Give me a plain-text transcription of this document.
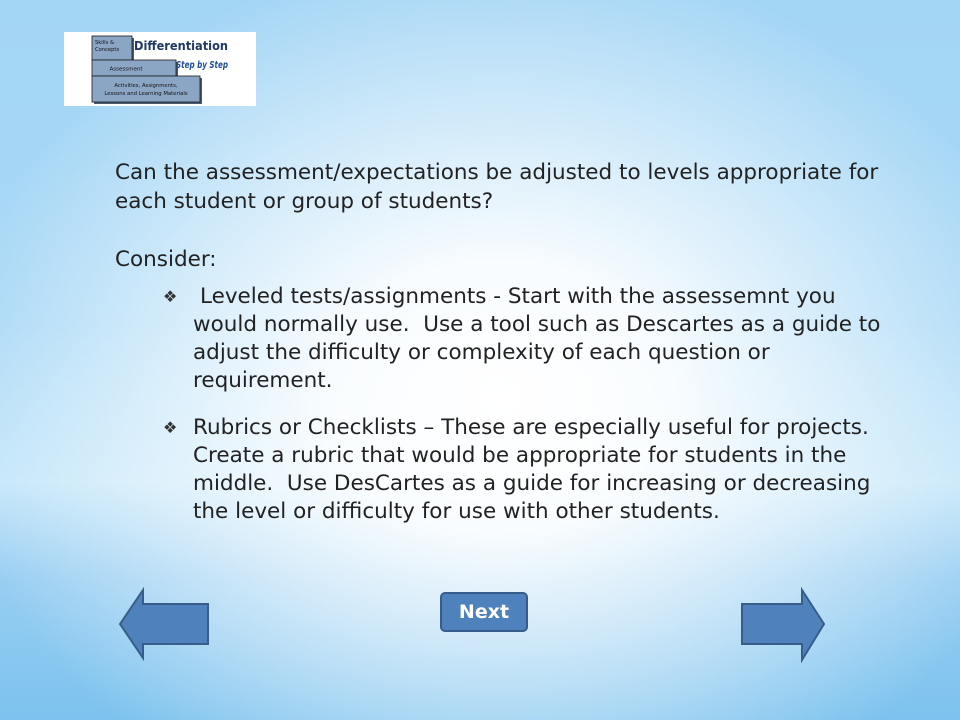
Skills &
Concepts Differentiation
Step by Step
Assessment
Activities, Assignments,
Lessons and Learning Materials
Can the assessment/expectations be adjusted to levels appropriate for
each student or group of students?
Consider:
❖	Leveled tests/assignments - Start with the assessemnt you
would normally use.  Use a tool such as Descartes as a guide to
adjust the difficulty or complexity of each question or
requirement.
❖ Rubrics or Checklists – These are especially useful for projects.
Create a rubric that would be appropriate for students in the
middle.  Use DesCartes as a guide for increasing or decreasing
the level or difficulty for use with other students.
Next
